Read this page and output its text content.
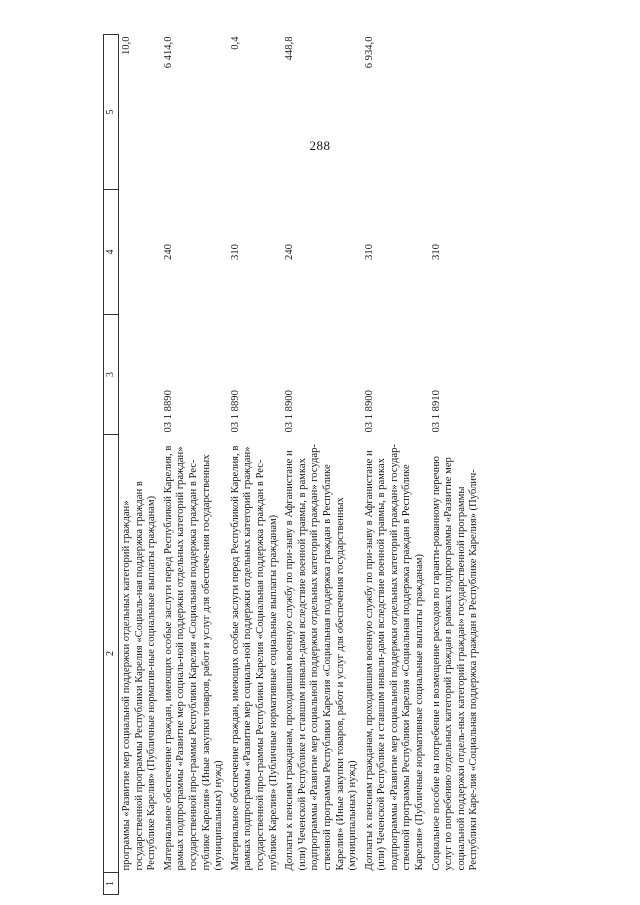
288
1	2	3	4	5
	программы «Развитие мер социальной поддержки отдельных категорий граждан» государственной программы Республики Карелия «Социаль-ная поддержка граждан в Республике Карелия» (Публичные норматив-ные социальные выплаты гражданам)			10,0
	Материальное обеспечение граждан, имеющих особые заслуги перед Республикой Карелия, в рамках подпрограммы «Развитие мер социаль-ной поддержки отдельных категорий граждан» государственной про-граммы Республики Карелия «Социальная поддержка граждан в Рес-публике Карелия» (Иные закупки товаров, работ и услуг для обеспече-ния государственных (муниципальных) нужд)	03 1 8890	240	6 414,0
	Материальное обеспечение граждан, имеющих особые заслуги перед Республикой Карелия, в рамках подпрограммы «Развитие мер социаль-ной поддержки отдельных категорий граждан» государственной про-граммы Республики Карелия «Социальная поддержка граждан в Рес-публике Карелия» (Публичные нормативные социальные выплаты гражданам)	03 1 8890	310	0,4
	Доплаты к пенсиям гражданам, проходившим военную службу по при-зыву в Афганистане и (или) Чеченской Республике и ставшим инвали-дами вследствие военной травмы, в рамках подпрограммы «Развитие мер социальной поддержки отдельных категорий граждан» государ-ственной программы Республики Карелия «Социальная поддержка граждан в Республике Карелия» (Иные закупки товаров, работ и услуг для обеспечения государственных (муниципальных) нужд)	03 1 8900	240	448,8
	Доплаты к пенсиям гражданам, проходившим военную службу по при-зыву в Афганистане и (или) Чеченской Республике и ставшим инвали-дами вследствие военной травмы, в рамках подпрограммы «Развитие мер социальной поддержки отдельных категорий граждан» государ-ственной программы Республики Карелия «Социальная поддержка граждан в Республике Карелия» (Публичные нормативные социальные выплаты гражданам)	03 1 8900	310	6 934,0
	Социальное пособие на погребение и возмещение расходов по гаранти-рованному перечню услуг по погребению отдельных категорий граждан в рамках подпрограммы «Развитие мер социальной поддержки отдель-ных категорий граждан» государственной программы Республики Каре-лия «Социальная поддержка граждан в Республике Карелия» (Публич-	03 1 8910	310	
